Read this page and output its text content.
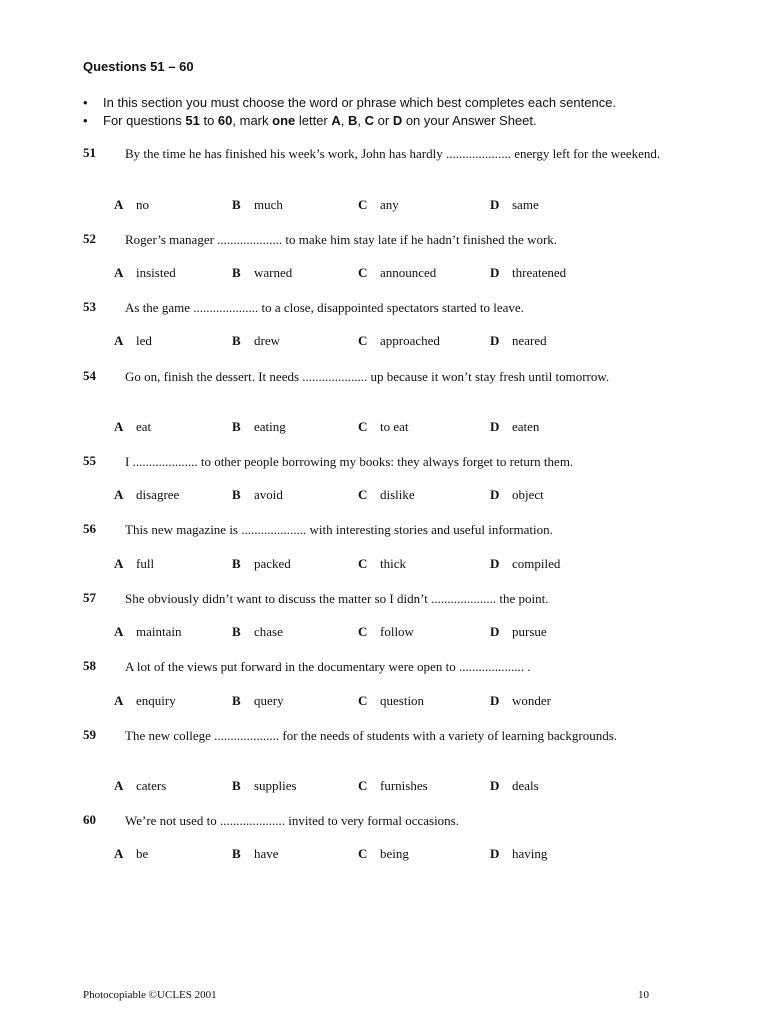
Questions 51 – 60
•	In this section you must choose the word or phrase which best completes each sentence.
•	For questions 51 to 60, mark one letter A, B, C or D on your Answer Sheet.
51 By the time he has finished his week’s work, John has hardly .................... energy left for the weekend.
A no	B much	C any	D same
52 Roger’s manager .................... to make him stay late if he hadn’t finished the work.
A insisted	B warned	C announced	D threatened
53 As the game .................... to a close, disappointed spectators started to leave.
A led	B drew	C approached	D neared
54 Go on, finish the dessert. It needs .................... up because it won’t stay fresh until tomorrow.
A eat	B eating	C to eat	D eaten
55 I .................... to other people borrowing my books: they always forget to return them.
A disagree	B avoid	C dislike	D object
56 This new magazine is .................... with interesting stories and useful information.
A full	B packed	C thick	D compiled
57 She obviously didn’t want to discuss the matter so I didn’t .................... the point.
A maintain	B chase	C follow	D pursue
58 A lot of the views put forward in the documentary were open to .................... .
A enquiry	B query	C question	D wonder
59 The new college .................... for the needs of students with a variety of learning backgrounds.
A caters	B supplies	C furnishes	D deals
60 We’re not used to .................... invited to very formal occasions.
A be	B have	C being	D having
Photocopiable ©UCLES 2001	10
